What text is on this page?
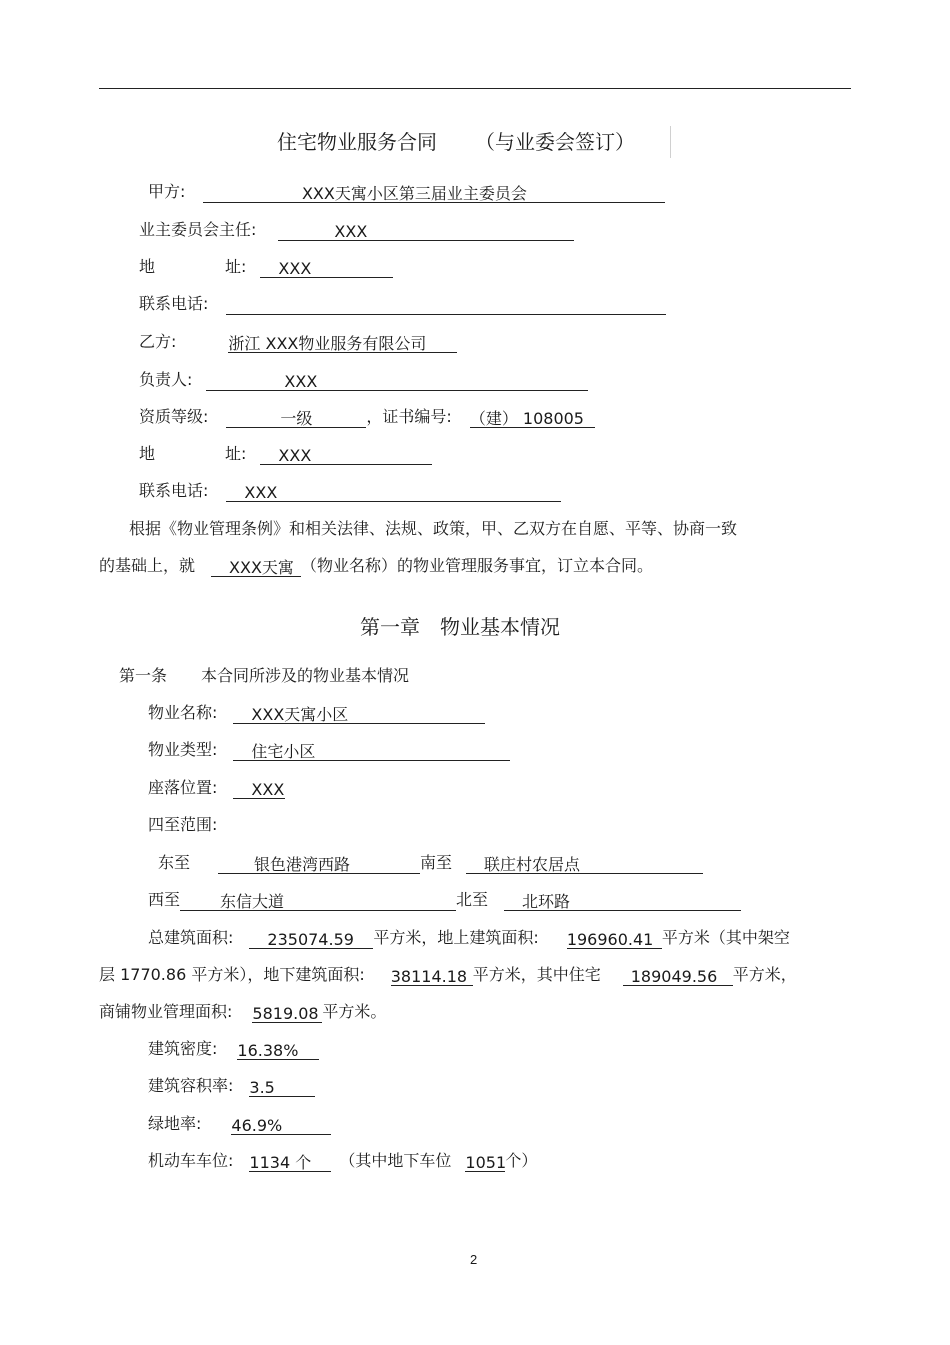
住宅物业服务合同 （与业委会签订）
甲方:	XXX天寓小区第三届业主委员会
业主委员会主任:	XXX
地	址: XXX
联系电话:
乙方:	浙江 XXX物业服务有限公司
负责人:	XXX
资质等级:	一级	，证书编号: （建） 108005
地	址: XXX
联系电话: XXX
根据《物业管理条例》和相关法律、法规、政策，甲、乙双方在自愿、平等、协商一致
的基础上，就 XXX天寓 （物业名称）的物业管理服务事宜，订立本合同。
第一章　物业基本情况
第一条 本合同所涉及的物业基本情况
物业名称: XXX天寓小区
物业类型: 住宅小区
座落位置: XXX
四至范围:
东至	银色港湾西路	南至 联庄村农居点
西至	东信大道	北至 北环路
总建筑面积: 235074.59 平方米，地上建筑面积: 196960.41 平方米（其中架空
层 1770.86 平方米），地下建筑面积: 38114.18 平方米，其中住宅 189049.56 平方米，
商铺物业管理面积: 5819.08 平方米。
建筑密度: 16.38%
建筑容积率: 3.5
绿地率: 46.9%
机动车车位: 1134 个 （其中地下车位 1051个）
2
